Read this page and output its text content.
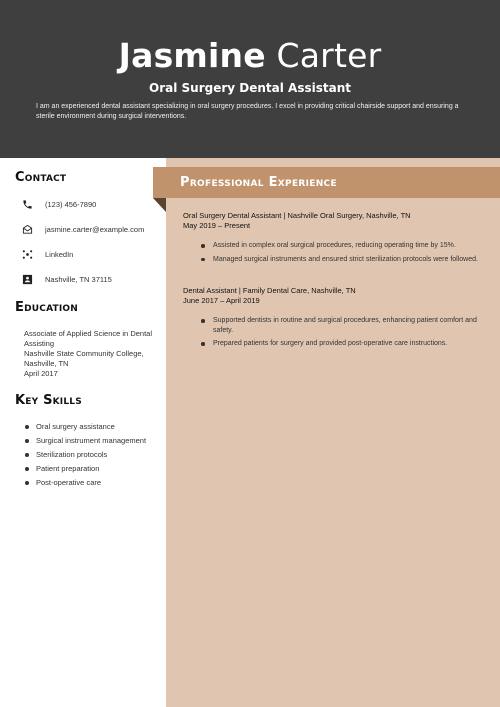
Jasmine Carter
Oral Surgery Dental Assistant
I am an experienced dental assistant specializing in oral surgery procedures. I excel in providing critical chairside support and ensuring a sterile environment during surgical interventions.
Contact
(123) 456-7890
jasmine.carter@example.com
LinkedIn
Nashville, TN 37115
Education
Associate of Applied Science in Dental Assisting
Nashville State Community College, Nashville, TN
April 2017
Key Skills
Oral surgery assistance
Surgical instrument management
Sterilization protocols
Patient preparation
Post-operative care
Professional Experience
Oral Surgery Dental Assistant | Nashville Oral Surgery, Nashville, TN
May 2019 – Present
Assisted in complex oral surgical procedures, reducing operating time by 15%.
Managed surgical instruments and ensured strict sterilization protocols were followed.
Dental Assistant | Family Dental Care, Nashville, TN
June 2017 – April 2019
Supported dentists in routine and surgical procedures, enhancing patient comfort and safety.
Prepared patients for surgery and provided post-operative care instructions.
